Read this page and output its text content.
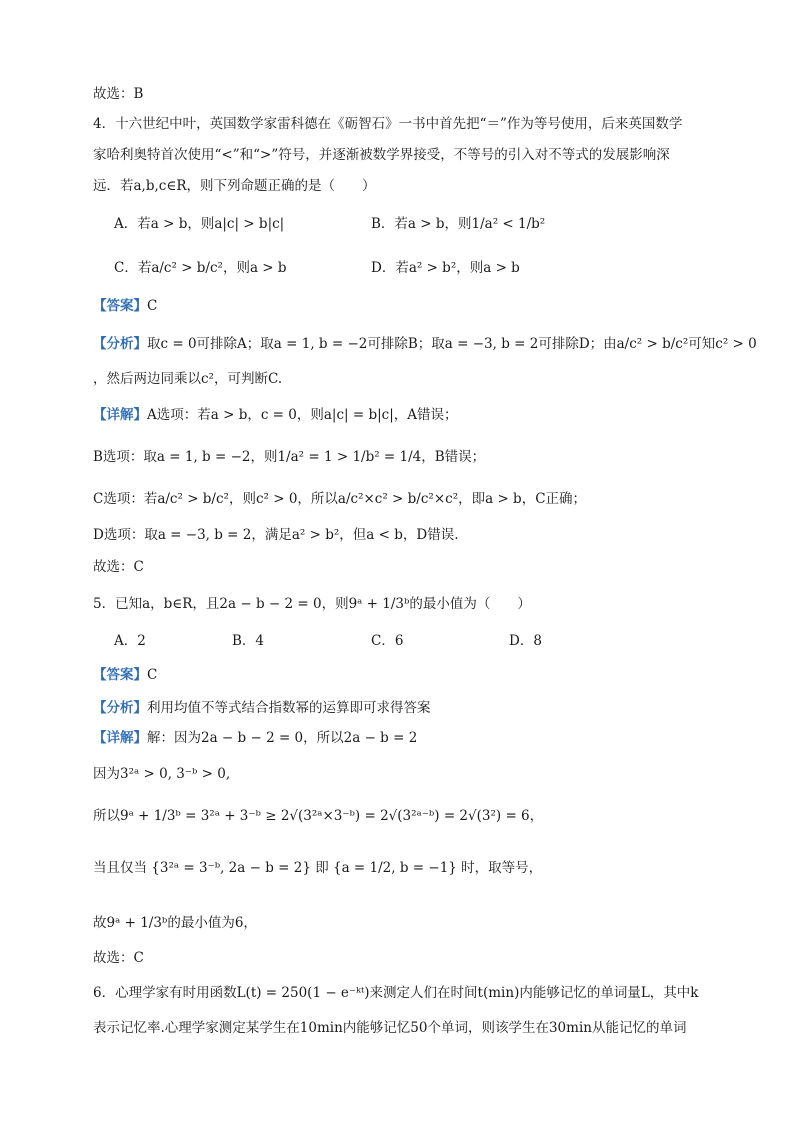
故选：B
4．十六世纪中叶，英国数学家雷科德在《砺智石》一书中首先把“＝”作为等号使用，后来英国数学
家哈利奥特首次使用“<”和“>”符号，并逐渐被数学界接受，不等号的引入对不等式的发展影响深
远．若a,b,c∈R，则下列命题正确的是（　　）
A．若a > b，则a|c| > b|c|	B．若a > b，则1/a² < 1/b²
C．若a/c² > b/c²，则a > b	D．若a² > b²，则a > b
【答案】C
【分析】取c = 0可排除A；取a = 1, b = −2可排除B；取a = −3, b = 2可排除D；由a/c² > b/c²可知c² > 0
，然后两边同乘以c²，可判断C.
【详解】A选项：若a > b，c = 0，则a|c| = b|c|，A错误；
B选项：取a = 1, b = −2，则1/a² = 1 > 1/b² = 1/4，B错误；
C选项：若a/c² > b/c²，则c² > 0，所以a/c²×c² > b/c²×c²，即a > b，C正确；
D选项：取a = −3, b = 2，满足a² > b²，但a < b，D错误.
故选：C
5．已知a，b∈R，且2a − b − 2 = 0，则9ᵃ + 1/3ᵇ的最小值为（　　）
A．2	B．4	C．6	D．8
【答案】C
【分析】利用均值不等式结合指数幂的运算即可求得答案
【详解】解：因为2a − b − 2 = 0，所以2a − b = 2
因为3²ᵃ > 0, 3⁻ᵇ > 0,
所以9ᵃ + 1/3ᵇ = 3²ᵃ + 3⁻ᵇ ≥ 2√(3²ᵃ×3⁻ᵇ) = 2√(3²ᵃ⁻ᵇ) = 2√(3²) = 6，
当且仅当 {3²ᵃ = 3⁻ᵇ, 2a − b = 2} 即 {a = 1/2, b = −1} 时，取等号，
故9ᵃ + 1/3ᵇ的最小值为6，
故选：C
6．心理学家有时用函数L(t) = 250(1 − e⁻ᵏᵗ)来测定人们在时间t(min)内能够记忆的单词量L，其中k
表示记忆率.心理学家测定某学生在10min内能够记忆50个单词，则该学生在30min从能记忆的单词
